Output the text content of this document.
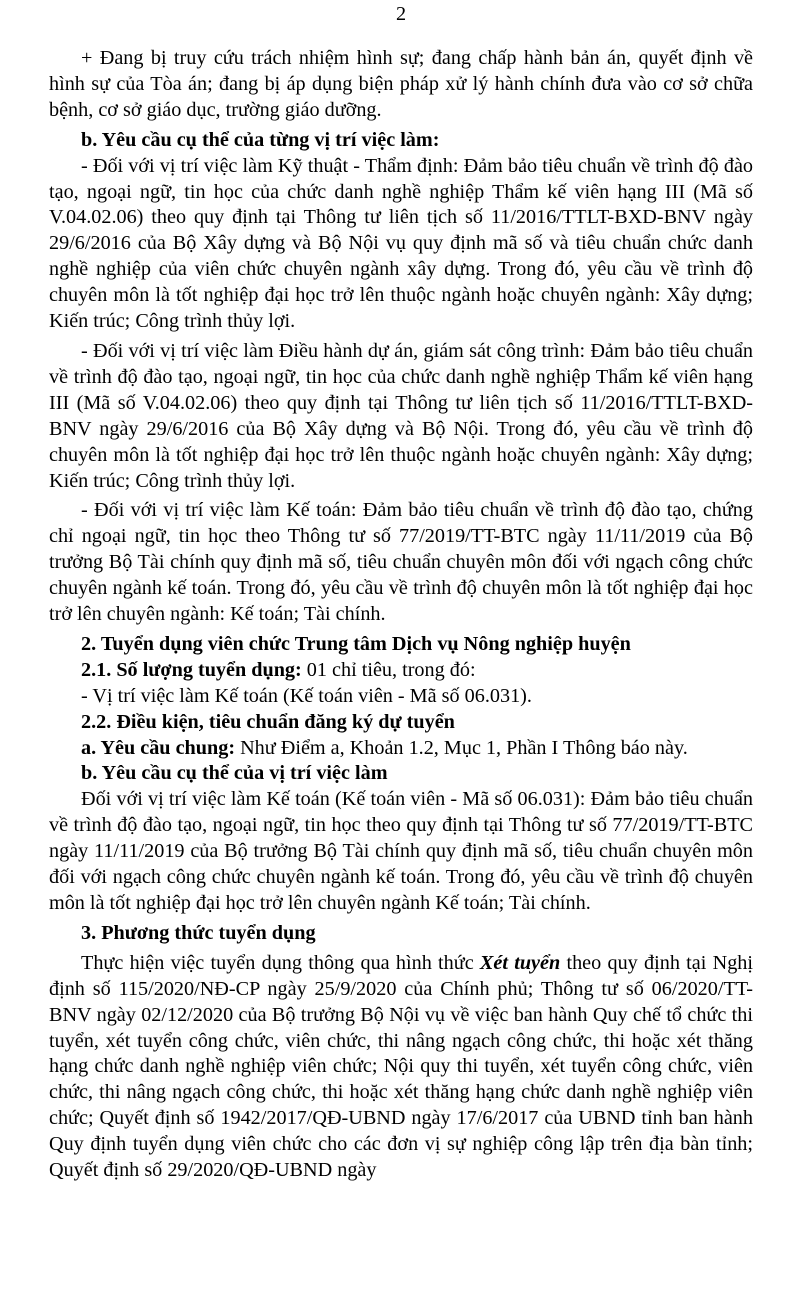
2

+ Đang bị truy cứu trách nhiệm hình sự; đang chấp hành bản án, quyết định về hình sự của Tòa án; đang bị áp dụng biện pháp xử lý hành chính đưa vào cơ sở chữa bệnh, cơ sở giáo dục, trường giáo dưỡng.

b. Yêu cầu cụ thể của từng vị trí việc làm:

- Đối với vị trí việc làm Kỹ thuật - Thẩm định: Đảm bảo tiêu chuẩn về trình độ đào tạo, ngoại ngữ, tin học của chức danh nghề nghiệp Thẩm kế viên hạng III (Mã số V.04.02.06) theo quy định tại Thông tư liên tịch số 11/2016/TTLT-BXD-BNV ngày 29/6/2016 của Bộ Xây dựng và Bộ Nội vụ quy định mã số và tiêu chuẩn chức danh nghề nghiệp của viên chức chuyên ngành xây dựng. Trong đó, yêu cầu về trình độ chuyên môn là tốt nghiệp đại học trở lên thuộc ngành hoặc chuyên ngành: Xây dựng; Kiến trúc; Công trình thủy lợi.

- Đối với vị trí việc làm Điều hành dự án, giám sát công trình: Đảm bảo tiêu chuẩn về trình độ đào tạo, ngoại ngữ, tin học của chức danh nghề nghiệp Thẩm kế viên hạng III (Mã số V.04.02.06) theo quy định tại Thông tư liên tịch số 11/2016/TTLT-BXD-BNV ngày 29/6/2016 của Bộ Xây dựng và Bộ Nội. Trong đó, yêu cầu về trình độ chuyên môn là tốt nghiệp đại học trở lên thuộc ngành hoặc chuyên ngành: Xây dựng; Kiến trúc; Công trình thủy lợi.

- Đối với vị trí việc làm Kế toán: Đảm bảo tiêu chuẩn về trình độ đào tạo, chứng chỉ ngoại ngữ, tin học theo Thông tư số 77/2019/TT-BTC ngày 11/11/2019 của Bộ trưởng Bộ Tài chính quy định mã số, tiêu chuẩn chuyên môn đối với ngạch công chức chuyên ngành kế toán. Trong đó, yêu cầu về trình độ chuyên môn là tốt nghiệp đại học trở lên chuyên ngành: Kế toán; Tài chính.

2. Tuyển dụng viên chức Trung tâm Dịch vụ Nông nghiệp huyện

2.1. Số lượng tuyển dụng: 01 chỉ tiêu, trong đó:

- Vị trí việc làm Kế toán (Kế toán viên - Mã số 06.031).

2.2. Điều kiện, tiêu chuẩn đăng ký dự tuyển

a. Yêu cầu chung: Như Điểm a, Khoản 1.2, Mục 1, Phần I Thông báo này.

b. Yêu cầu cụ thể của vị trí việc làm

Đối với vị trí việc làm Kế toán (Kế toán viên - Mã số 06.031): Đảm bảo tiêu chuẩn về trình độ đào tạo, ngoại ngữ, tin học theo quy định tại Thông tư số 77/2019/TT-BTC ngày 11/11/2019 của Bộ trưởng Bộ Tài chính quy định mã số, tiêu chuẩn chuyên môn đối với ngạch công chức chuyên ngành kế toán. Trong đó, yêu cầu về trình độ chuyên môn là tốt nghiệp đại học trở lên chuyên ngành Kế toán; Tài chính.

3. Phương thức tuyển dụng

Thực hiện việc tuyển dụng thông qua hình thức Xét tuyển theo quy định tại Nghị định số 115/2020/NĐ-CP ngày 25/9/2020 của Chính phủ; Thông tư số 06/2020/TT-BNV ngày 02/12/2020 của Bộ trưởng Bộ Nội vụ về việc ban hành Quy chế tổ chức thi tuyển, xét tuyển công chức, viên chức, thi nâng ngạch công chức, thi hoặc xét thăng hạng chức danh nghề nghiệp viên chức; Nội quy thi tuyển, xét tuyển công chức, viên chức, thi nâng ngạch công chức, thi hoặc xét thăng hạng chức danh nghề nghiệp viên chức; Quyết định số 1942/2017/QĐ-UBND ngày 17/6/2017 của UBND tỉnh ban hành Quy định tuyển dụng viên chức cho các đơn vị sự nghiệp công lập trên địa bàn tỉnh; Quyết định số 29/2020/QĐ-UBND ngày
